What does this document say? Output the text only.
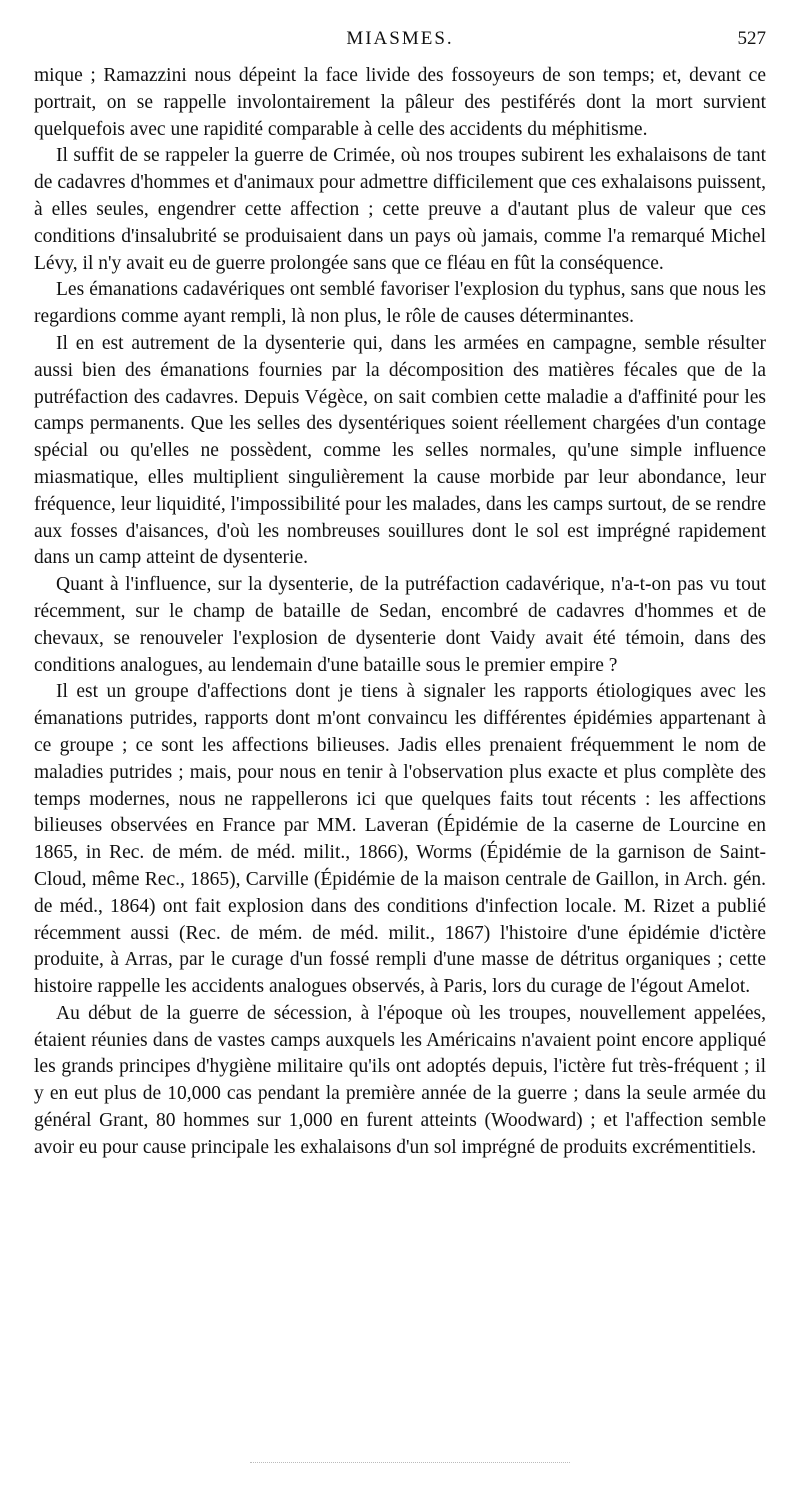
MIASMES.	527

mique ; Ramazzini nous dépeint la face livide des fossoyeurs de son temps; et, devant ce portrait, on se rappelle involontairement la pâleur des pestiférés dont la mort survient quelquefois avec une rapidité comparable à celle des accidents du méphitisme.

Il suffit de se rappeler la guerre de Crimée, où nos troupes subirent les exhalaisons de tant de cadavres d'hommes et d'animaux pour admettre difficilement que ces exhalaisons puissent, à elles seules, engendrer cette affection ; cette preuve a d'autant plus de valeur que ces conditions d'insalubrité se produisaient dans un pays où jamais, comme l'a remarqué Michel Lévy, il n'y avait eu de guerre prolongée sans que ce fléau en fût la conséquence.

Les émanations cadavériques ont semblé favoriser l'explosion du typhus, sans que nous les regardions comme ayant rempli, là non plus, le rôle de causes déterminantes.

Il en est autrement de la dysenterie qui, dans les armées en campagne, semble résulter aussi bien des émanations fournies par la décomposition des matières fécales que de la putréfaction des cadavres. Depuis Végèce, on sait combien cette maladie a d'affinité pour les camps permanents. Que les selles des dysentériques soient réellement chargées d'un contage spécial ou qu'elles ne possèdent, comme les selles normales, qu'une simple influence miasmatique, elles multiplient singulièrement la cause morbide par leur abondance, leur fréquence, leur liquidité, l'impossibilité pour les malades, dans les camps surtout, de se rendre aux fosses d'aisances, d'où les nombreuses souillures dont le sol est imprégné rapidement dans un camp atteint de dysenterie.

Quant à l'influence, sur la dysenterie, de la putréfaction cadavérique, n'a-t-on pas vu tout récemment, sur le champ de bataille de Sedan, encombré de cadavres d'hommes et de chevaux, se renouveler l'explosion de dysenterie dont Vaidy avait été témoin, dans des conditions analogues, au lendemain d'une bataille sous le premier empire ?

Il est un groupe d'affections dont je tiens à signaler les rapports étiologiques avec les émanations putrides, rapports dont m'ont convaincu les différentes épidémies appartenant à ce groupe ; ce sont les affections bilieuses. Jadis elles prenaient fréquemment le nom de maladies putrides ; mais, pour nous en tenir à l'observation plus exacte et plus complète des temps modernes, nous ne rappellerons ici que quelques faits tout récents : les affections bilieuses observées en France par MM. Laveran (Épidémie de la caserne de Lourcine en 1865, in Rec. de mém. de méd. milit., 1866), Worms (Épidémie de la garnison de Saint-Cloud, même Rec., 1865), Carville (Épidémie de la maison centrale de Gaillon, in Arch. gén. de méd., 1864) ont fait explosion dans des conditions d'infection locale. M. Rizet a publié récemment aussi (Rec. de mém. de méd. milit., 1867) l'histoire d'une épidémie d'ictère produite, à Arras, par le curage d'un fossé rempli d'une masse de détritus organiques ; cette histoire rappelle les accidents analogues observés, à Paris, lors du curage de l'égout Amelot.

Au début de la guerre de sécession, à l'époque où les troupes, nouvellement appelées, étaient réunies dans de vastes camps auxquels les Américains n'avaient point encore appliqué les grands principes d'hygiène militaire qu'ils ont adoptés depuis, l'ictère fut très-fréquent ; il y en eut plus de 10,000 cas pendant la première année de la guerre ; dans la seule armée du général Grant, 80 hommes sur 1,000 en furent atteints (Woodward) ; et l'affection semble avoir eu pour cause principale les exhalaisons d'un sol imprégné de produits excrémentitiels.
